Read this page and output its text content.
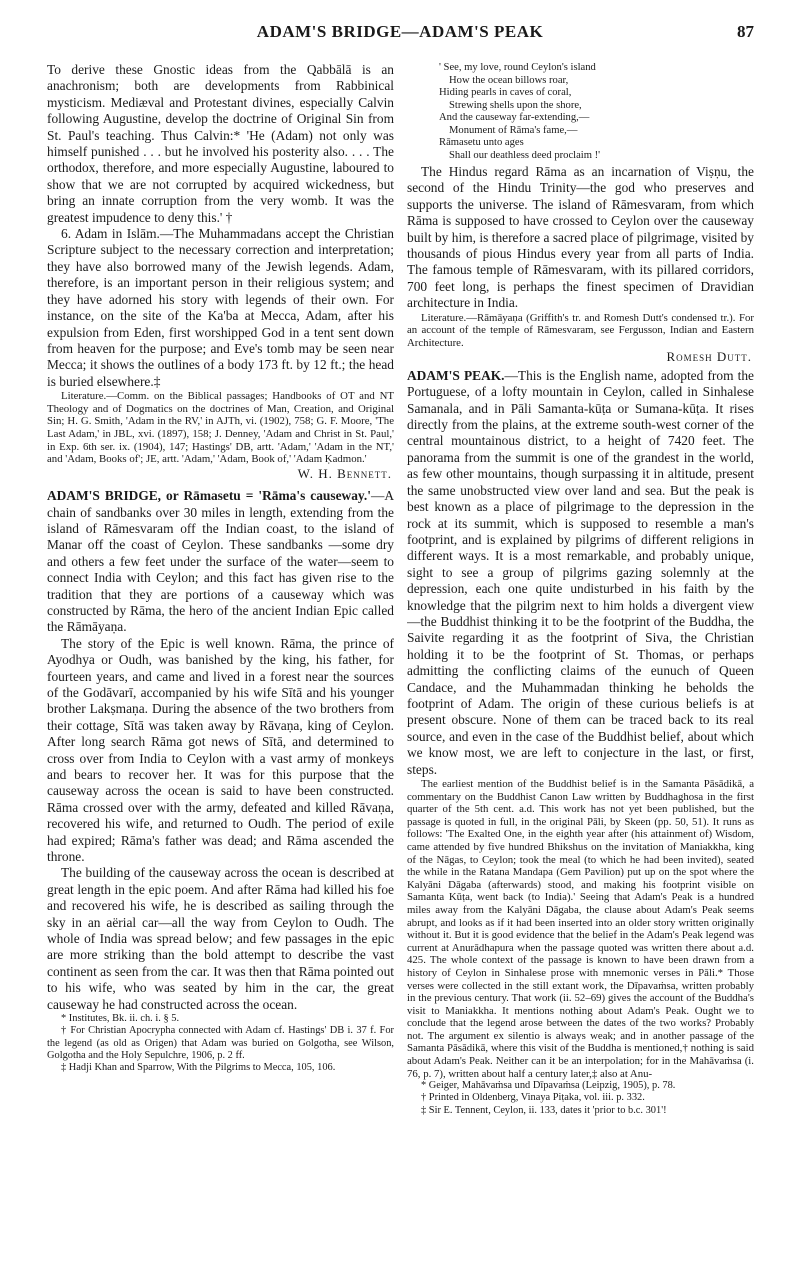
ADAM'S BRIDGE—ADAM'S PEAK	87

To derive these Gnostic ideas from the Qabbālā is an anachronism; both are developments from Rabbinical mysticism. Mediæval and Protestant divines, especially Calvin following Augustine, develop the doctrine of Original Sin from St. Paul's teaching. Thus Calvin:* 'He (Adam) not only was himself punished . . . but he involved his posterity also. . . . The orthodox, therefore, and more especially Augustine, laboured to show that we are not corrupted by acquired wickedness, but bring an innate corruption from the very womb. It was the greatest impudence to deny this.' †

6. Adam in Islām.—The Muhammadans accept the Christian Scripture subject to the necessary correction and interpretation; they have also borrowed many of the Jewish legends. Adam, therefore, is an important person in their religious system; and they have adorned his story with legends of their own. For instance, on the site of the Ka'ba at Mecca, Adam, after his expulsion from Eden, first worshipped God in a tent sent down from heaven for the purpose; and Eve's tomb may be seen near Mecca; it shows the outlines of a body 173 ft. by 12 ft.; the head is buried elsewhere.‡

Literature.—Comm. on the Biblical passages; Handbooks of OT and NT Theology and of Dogmatics on the doctrines of Man, Creation, and Original Sin; H. G. Smith, 'Adam in the RV,' in AJTh, vi. (1902), 758; G. F. Moore, 'The Last Adam,' in JBL, xvi. (1897), 158; J. Denney, 'Adam and Christ in St. Paul,' in Exp. 6th ser. ix. (1904), 147; Hastings' DB, artt. 'Adam,' 'Adam in the NT,' and 'Adam, Books of'; JE, artt. 'Adam,' 'Adam, Book of,' 'Adam Ḳadmon.'

W. H. Bennett.

ADAM'S BRIDGE, or Rāmasetu = 'Rāma's causeway.'—A chain of sandbanks over 30 miles in length, extending from the island of Rāmesvaram off the Indian coast, to the island of Manar off the coast of Ceylon. These sandbanks —some dry and others a few feet under the surface of the water—seem to connect India with Ceylon; and this fact has given rise to the tradition that they are portions of a causeway which was constructed by Rāma, the hero of the ancient Indian Epic called the Rāmāyaṇa.

The story of the Epic is well known. Rāma, the prince of Ayodhya or Oudh, was banished by the king, his father, for fourteen years, and came and lived in a forest near the sources of the Godāvarī, accompanied by his wife Sītā and his younger brother Lakṣmaṇa. During the absence of the two brothers from their cottage, Sītā was taken away by Rāvaṇa, king of Ceylon. After long search Rāma got news of Sītā, and determined to cross over from India to Ceylon with a vast army of monkeys and bears to recover her. It was for this purpose that the causeway across the ocean is said to have been constructed. Rāma crossed over with the army, defeated and killed Rāvaṇa, recovered his wife, and returned to Oudh. The period of exile had expired; Rāma's father was dead; and Rāma ascended the throne.

The building of the causeway across the ocean is described at great length in the epic poem. And after Rāma had killed his foe and recovered his wife, he is described as sailing through the sky in an aërial car—all the way from Ceylon to Oudh. The whole of India was spread below; and few passages in the epic are more striking than the bold attempt to describe the vast continent as seen from the car. It was then that Rāma pointed out to his wife, who was seated by him in the car, the great causeway he had constructed across the ocean.

* Institutes, Bk. ii. ch. i. § 5.

† For Christian Apocrypha connected with Adam cf. Hastings' DB i. 37 f. For the legend (as old as Origen) that Adam was buried on Golgotha, see Wilson, Golgotha and the Holy Sepulchre, 1906, p. 2 ff.

‡ Hadji Khan and Sparrow, With the Pilgrims to Mecca, 105, 106.

' See, my love, round Ceylon's island
How the ocean billows roar,
Hiding pearls in caves of coral,
Strewing shells upon the shore,
And the causeway far-extending,—
Monument of Rāma's fame,—
Rāmasetu unto ages
Shall our deathless deed proclaim !'

The Hindus regard Rāma as an incarnation of Viṣṇu, the second of the Hindu Trinity—the god who preserves and supports the universe. The island of Rāmesvaram, from which Rāma is supposed to have crossed to Ceylon over the causeway built by him, is therefore a sacred place of pilgrimage, visited by thousands of pious Hindus every year from all parts of India. The famous temple of Rāmesvaram, with its pillared corridors, 700 feet long, is perhaps the finest specimen of Dravidian architecture in India.

Literature.—Rāmāyaṇa (Griffith's tr. and Romesh Dutt's condensed tr.). For an account of the temple of Rāmesvaram, see Fergusson, Indian and Eastern Architecture.

Romesh Dutt.

ADAM'S PEAK.—This is the English name, adopted from the Portuguese, of a lofty mountain in Ceylon, called in Sinhalese Samanala, and in Pāli Samanta-kūṭa or Sumana-kūṭa. It rises directly from the plains, at the extreme south-west corner of the central mountainous district, to a height of 7420 feet. The panorama from the summit is one of the grandest in the world, as few other mountains, though surpassing it in altitude, present the same unobstructed view over land and sea. But the peak is best known as a place of pilgrimage to the depression in the rock at its summit, which is supposed to resemble a man's footprint, and is explained by pilgrims of different religions in different ways. It is a most remarkable, and probably unique, sight to see a group of pilgrims gazing solemnly at the depression, each one quite undisturbed in his faith by the knowledge that the pilgrim next to him holds a divergent view—the Buddhist thinking it to be the footprint of the Buddha, the Saivite regarding it as the footprint of Siva, the Christian holding it to be the footprint of St. Thomas, or perhaps admitting the conflicting claims of the eunuch of Queen Candace, and the Muhammadan thinking he beholds the footprint of Adam. The origin of these curious beliefs is at present obscure. None of them can be traced back to its real source, and even in the case of the Buddhist belief, about which we know most, we are left to conjecture in the last, or first, steps.

The earliest mention of the Buddhist belief is in the Samanta Pāsādikā, a commentary on the Buddhist Canon Law written by Buddhaghosa in the first quarter of the 5th cent. a.d. This work has not yet been published, but the passage is quoted in full, in the original Pāli, by Skeen (pp. 50, 51). It runs as follows: 'The Exalted One, in the eighth year after (his attainment of) Wisdom, came attended by five hundred Bhikshus on the invitation of Maniakkha, king of the Nāgas, to Ceylon; took the meal (to which he had been invited), seated the while in the Ratana Mandapa (Gem Pavilion) put up on the spot where the Kalyāni Dāgaba (afterwards) stood, and making his footprint visible on Samanta Kūṭa, went back (to India).' Seeing that Adam's Peak is a hundred miles away from the Kalyāni Dāgaba, the clause about Adam's Peak seems abrupt, and looks as if it had been inserted into an older story written originally without it. But it is good evidence that the belief in the Adam's Peak legend was current at Anurādhapura when the passage quoted was written there about a.d. 425. The whole context of the passage is known to have been drawn from a history of Ceylon in Sinhalese prose with mnemonic verses in Pāli.* Those verses were collected in the still extant work, the Dīpavaṁsa, written probably in the previous century. That work (ii. 52–69) gives the account of the Buddha's visit to Maniakkha. It mentions nothing about Adam's Peak. Ought we to conclude that the legend arose between the dates of the two works? Probably not. The argument ex silentio is always weak; and in another passage of the Samanta Pāsādikā, where this visit of the Buddha is mentioned,† nothing is said about Adam's Peak. Neither can it be an interpolation; for in the Mahāvaṁsa (i. 76, p. 7), written about half a century later,‡ also at Anu-

* Geiger, Mahāvaṁsa und Dīpavaṁsa (Leipzig, 1905), p. 78.

† Printed in Oldenberg, Vinaya Piṭaka, vol. iii. p. 332.

‡ Sir E. Tennent, Ceylon, ii. 133, dates it 'prior to b.c. 301'!
